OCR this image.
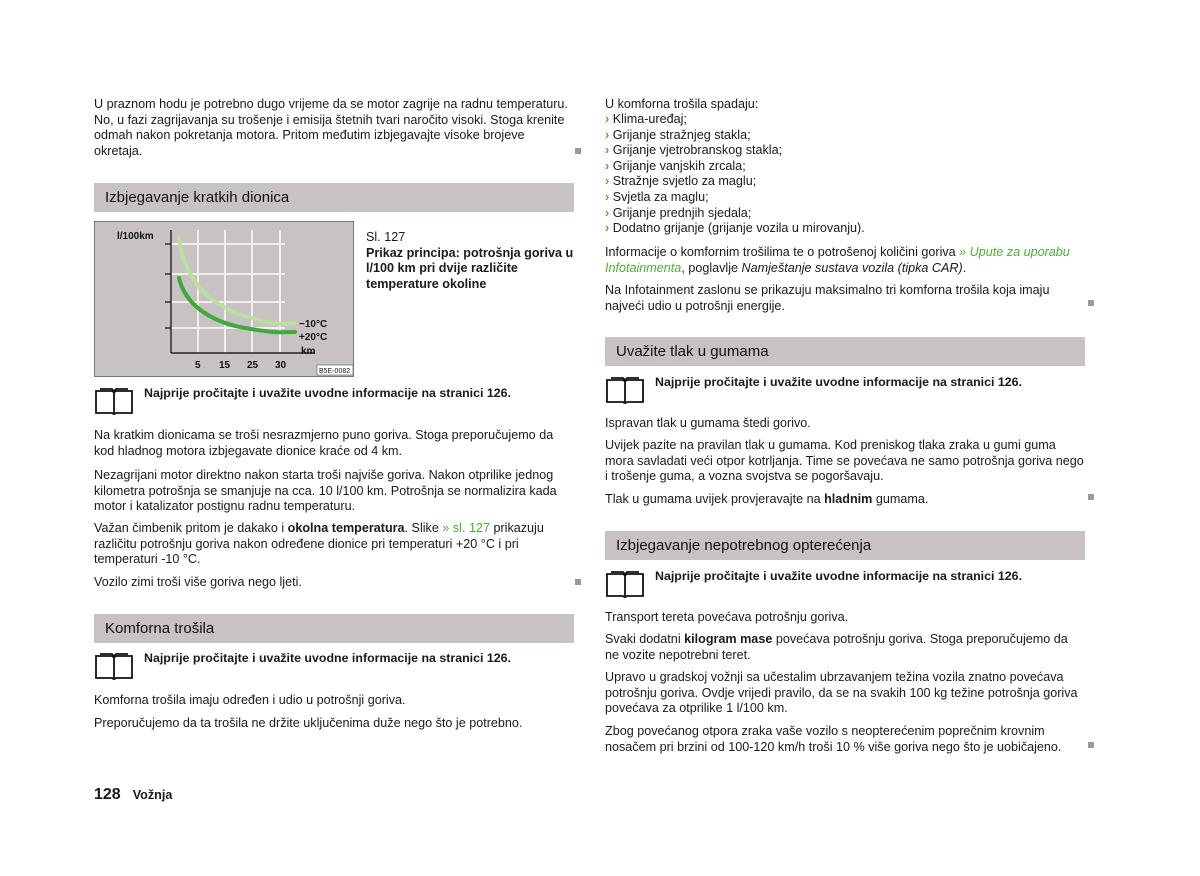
U praznom hodu je potrebno dugo vrijeme da se motor zagrije na radnu temperaturu. No, u fazi zagrijavanja su trošenje i emisija štetnih tvari naročito visoki. Stoga krenite odmah nakon pokretanja motora. Pritom međutim izbjegavajte visoke brojeve okretaja.

Izbjegavanje kratkih dionica
l/100km
−10°C
+20°C
km
5 15 25 30
B5E-0082

Sl. 127

Prikaz principa: potrošnja goriva u l/100 km pri dvije različite temperature okoline

Najprije pročitajte i uvažite uvodne informacije na stranici 126.

Na kratkim dionicama se troši nesrazmjerno puno goriva. Stoga preporučujemo da kod hladnog motora izbjegavate dionice kraće od 4 km.

Nezagrijani motor direktno nakon starta troši najviše goriva. Nakon otprilike jednog kilometra potrošnja se smanjuje na cca. 10 l/100 km. Potrošnja se normalizira kada motor i katalizator postignu radnu temperaturu.

Važan čimbenik pritom je dakako i okolna temperatura. Slike » sl. 127 prikazuju različitu potrošnju goriva nakon određene dionice pri temperaturi +20 °C i pri temperaturi -10 °C.

Vozilo zimi troši više goriva nego ljeti.

Komforna trošila
Najprije pročitajte i uvažite uvodne informacije na stranici 126.

Komforna trošila imaju određen i udio u potrošnji goriva.

Preporučujemo da ta trošila ne držite uključenima duže nego što je potrebno.

U komforna trošila spadaju:

› Klima-uređaj;

› Grijanje stražnjeg stakla;

› Grijanje vjetrobranskog stakla;

› Grijanje vanjskih zrcala;

› Stražnje svjetlo za maglu;

› Svjetla za maglu;

› Grijanje prednjih sjedala;

› Dodatno grijanje (grijanje vozila u mirovanju).

Informacije o komfornim trošilima te o potrošenoj količini goriva » Upute za uporabu Infotainmenta, poglavlje Namještanje sustava vozila (tipka CAR).

Na Infotainment zaslonu se prikazuju maksimalno tri komforna trošila koja imaju najveći udio u potrošnji energije.

Uvažite tlak u gumama
Najprije pročitajte i uvažite uvodne informacije na stranici 126.

Ispravan tlak u gumama štedi gorivo.

Uvijek pazite na pravilan tlak u gumama. Kod preniskog tlaka zraka u gumi guma mora savladati veći otpor kotrljanja. Time se povećava ne samo potrošnja goriva nego i trošenje guma, a vozna svojstva se pogoršavaju.

Tlak u gumama uvijek provjeravajte na hladnim gumama.

Izbjegavanje nepotrebnog opterećenja
Najprije pročitajte i uvažite uvodne informacije na stranici 126.

Transport tereta povećava potrošnju goriva.

Svaki dodatni kilogram mase povećava potrošnju goriva. Stoga preporučujemo da ne vozite nepotrebni teret.

Upravo u gradskoj vožnji sa učestalim ubrzavanjem težina vozila znatno povećava potrošnju goriva. Ovdje vrijedi pravilo, da se na svakih 100 kg težine potrošnja goriva povećava za otprilike 1 l/100 km.

Zbog povećanog otpora zraka vaše vozilo s neopterećenim poprečnim krovnim nosačem pri brzini od 100-120 km/h troši 10 % više goriva nego što je uobičajeno.

128 Vožnja
